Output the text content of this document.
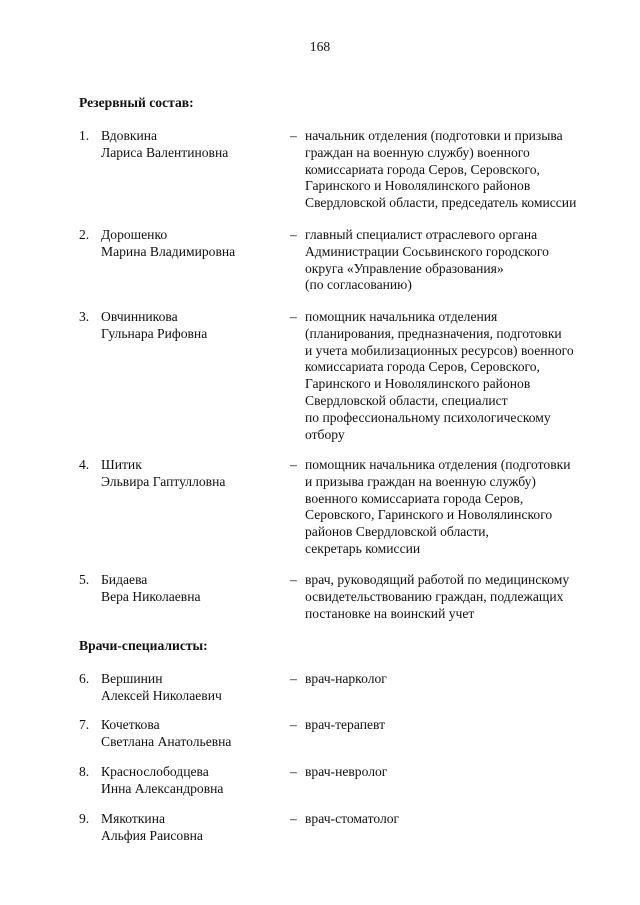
168
Резервный состав:
1. Вдовкина
Лариса Валентиновна
– начальник отделения (подготовки и призыва
граждан на военную службу) военного
комиссариата города Серов, Серовского,
Гаринского и Новолялинского районов
Свердловской области, председатель комиссии
2. Дорошенко
Марина Владимировна
– главный специалист отраслевого органа
Администрации Сосьвинского городского
округа «Управление образования»
(по согласованию)
3. Овчинникова
Гульнара Рифовна
– помощник начальника отделения
(планирования, предназначения, подготовки
и учета мобилизационных ресурсов) военного
комиссариата города Серов, Серовского,
Гаринского и Новолялинского районов
Свердловской области, специалист
по профессиональному психологическому
отбору
4. Шитик
Эльвира Гаптулловна
– помощник начальника отделения (подготовки
и призыва граждан на военную службу)
военного комиссариата города Серов,
Серовского, Гаринского и Новолялинского
районов Свердловской области,
секретарь комиссии
5. Бидаева
Вера Николаевна
– врач, руководящий работой по медицинскому
освидетельствованию граждан, подлежащих
постановке на воинский учет
Врачи-специалисты:
6. Вершинин
Алексей Николаевич
– врач-нарколог
7. Кочеткова
Светлана Анатольевна
– врач-терапевт
8. Краснослободцева
Инна Александровна
– врач-невролог
9. Мякоткина
Альфия Раисовна
– врач-стоматолог
